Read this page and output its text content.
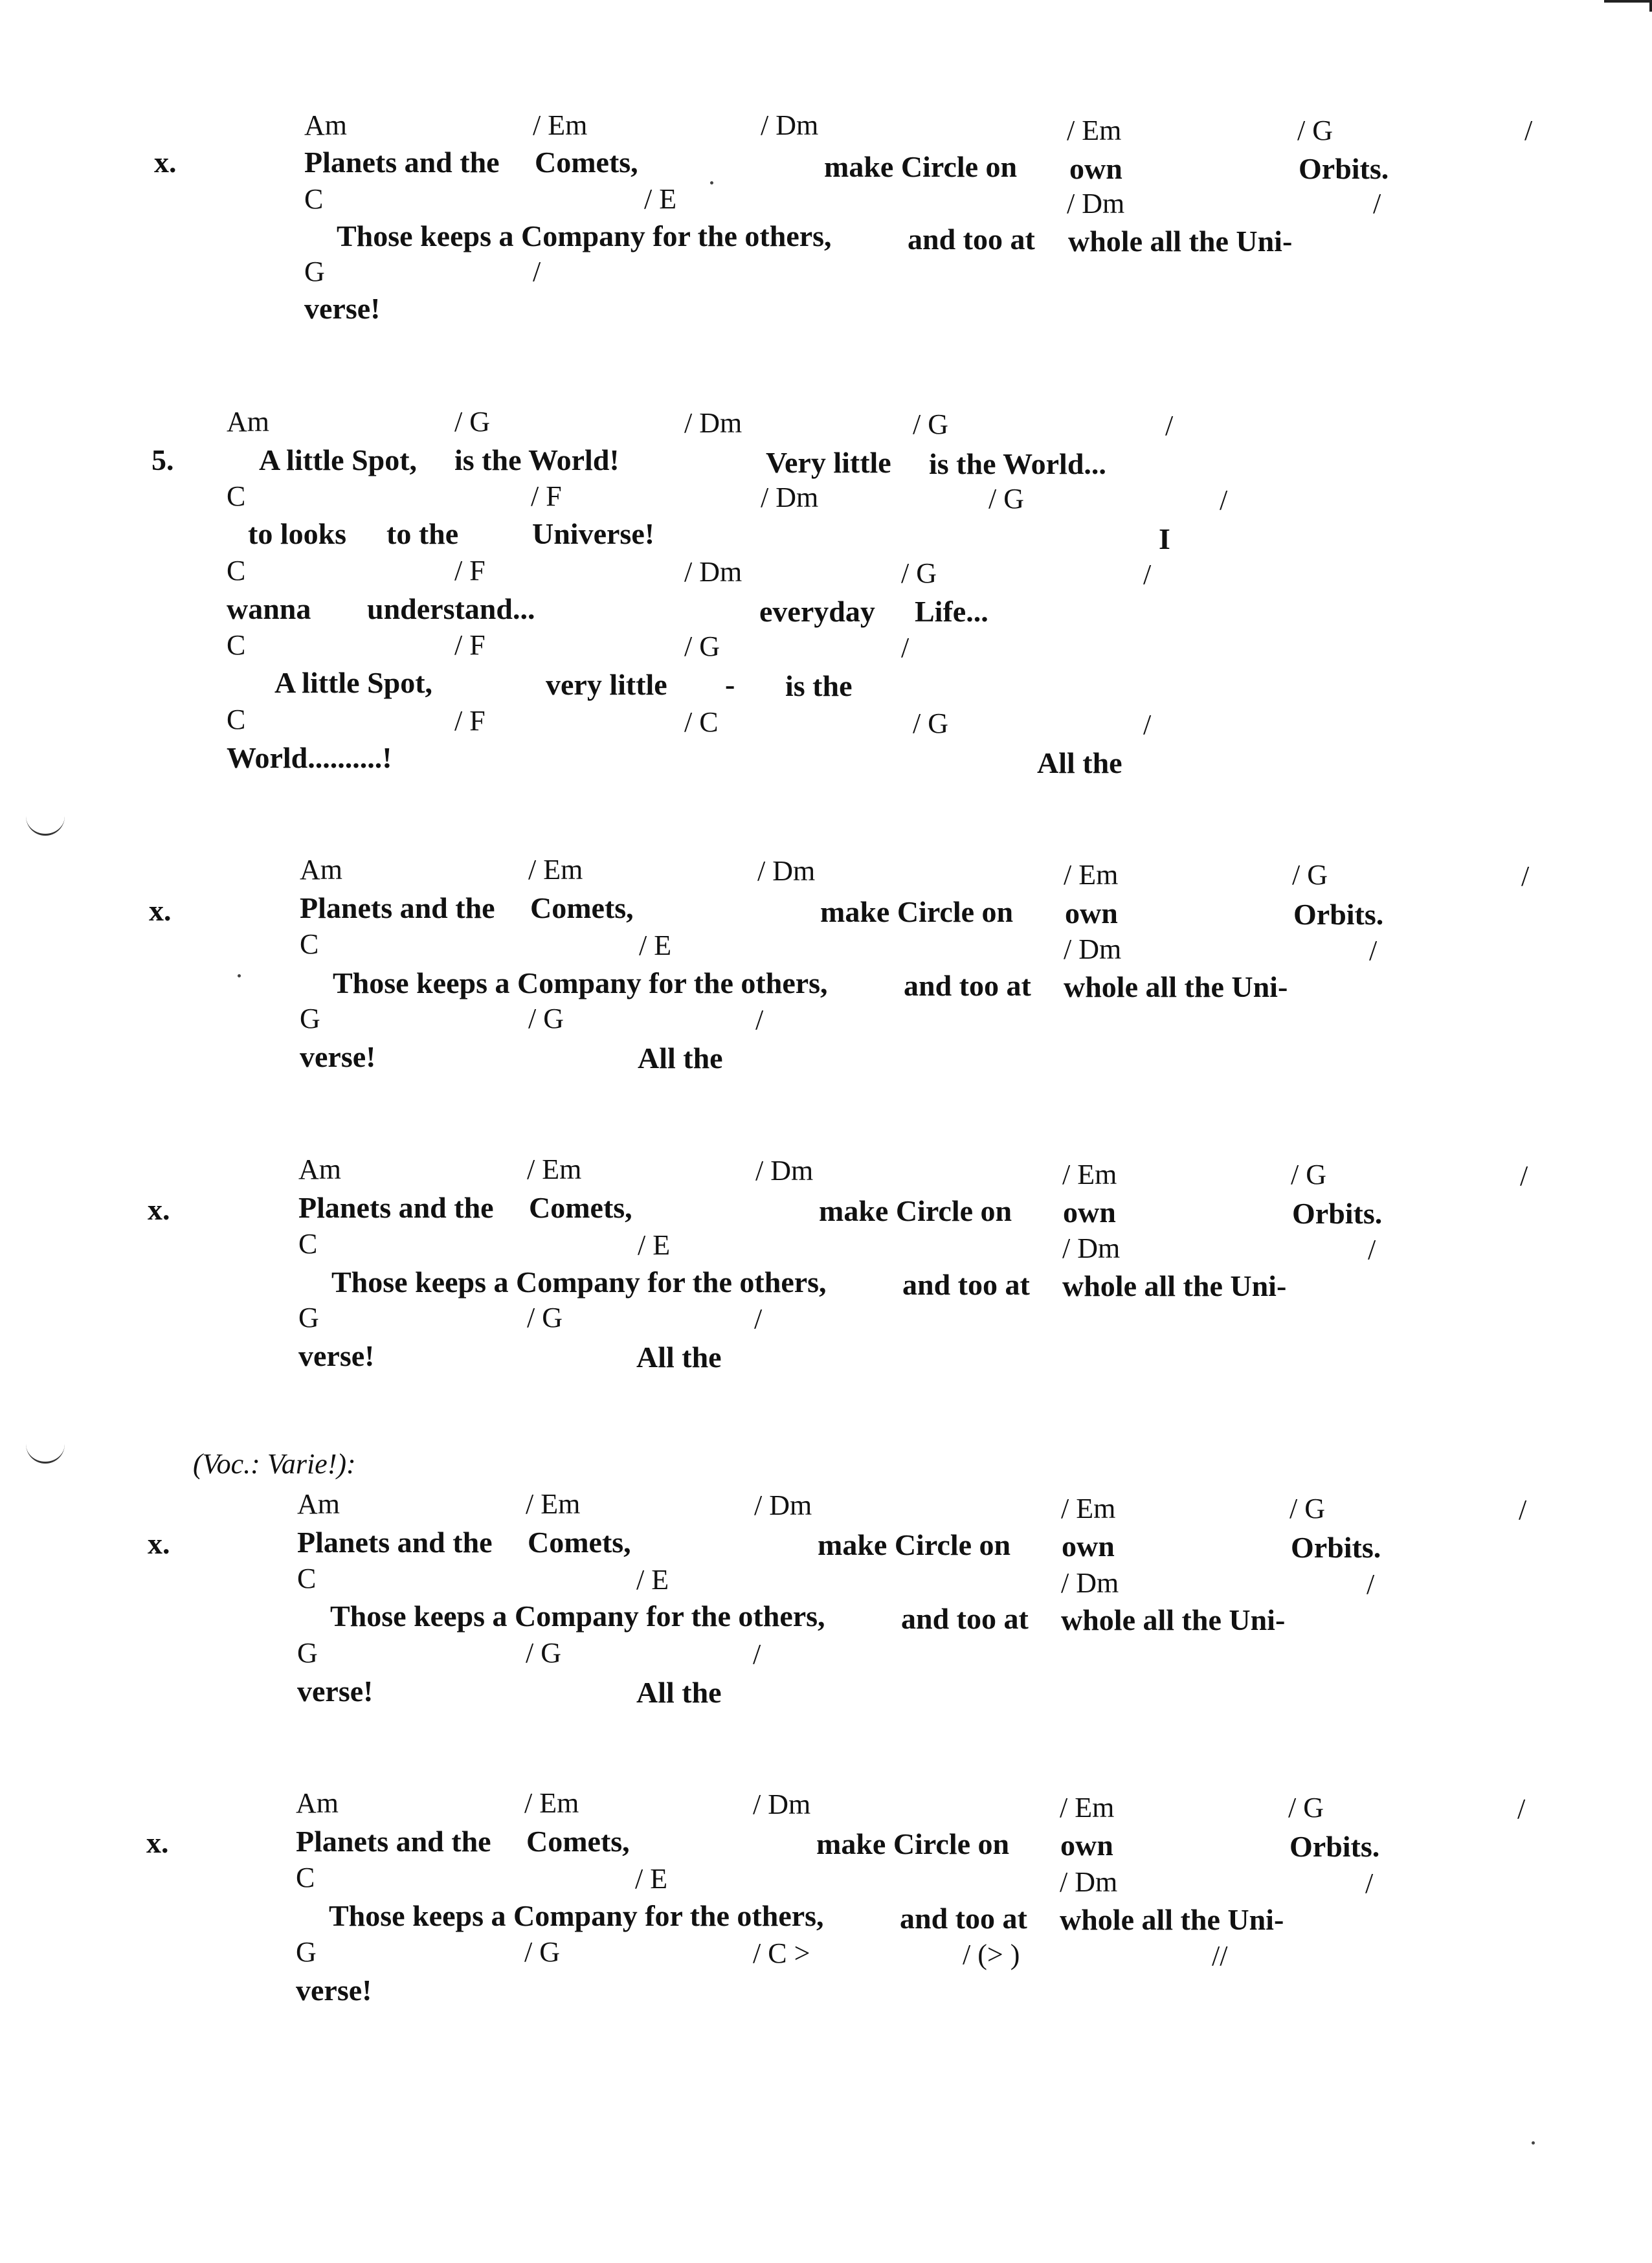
x.
Am	/ Em	/ Dm	/ Em	/ G	/
Planets and the Comets,	make Circle on own	Orbits.
C	/ E	/ Dm	/
Those keeps a Company for the others,	and too at whole all the Uni-
G	/
verse!
5.
Am	/ G	/ Dm	/ G	/
A little Spot, is the World!	Very little is the World...
C	/ F	/ Dm	/ G	/
to looks to the Universe!	I
C	/ F	/ Dm	/ G	/
wanna understand...	everyday Life...
C	/ F	/ G	/
A little Spot,	very little - is the
C	/ F	/ C	/ G	/
World..........!	All the
x.
Am	/ Em	/ Dm	/ Em	/ G	/
Planets and the Comets,	make Circle on own	Orbits.
C	/ E	/ Dm	/
Those keeps a Company for the others,	and too at whole all the Uni-
G	/ G	/
verse!	All the
x.
Am	/ Em	/ Dm	/ Em	/ G	/
Planets and the Comets,	make Circle on own	Orbits.
C	/ E	/ Dm	/
Those keeps a Company for the others,	and too at whole all the Uni-
G	/ G	/
verse!	All the
(Voc.: Varie!):
x.
Am	/ Em	/ Dm	/ Em	/ G	/
Planets and the Comets,	make Circle on own	Orbits.
C	/ E	/ Dm	/
Those keeps a Company for the others,	and too at whole all the Uni-
G	/ G	/
verse!	All the
x.
Am	/ Em	/ Dm	/ Em	/ G	/
Planets and the Comets,	make Circle on own	Orbits.
C	/ E	/ Dm	/
Those keeps a Company for the others,	and too at whole all the Uni-
G	/ G	/ C >	/ (> )	//
verse!
